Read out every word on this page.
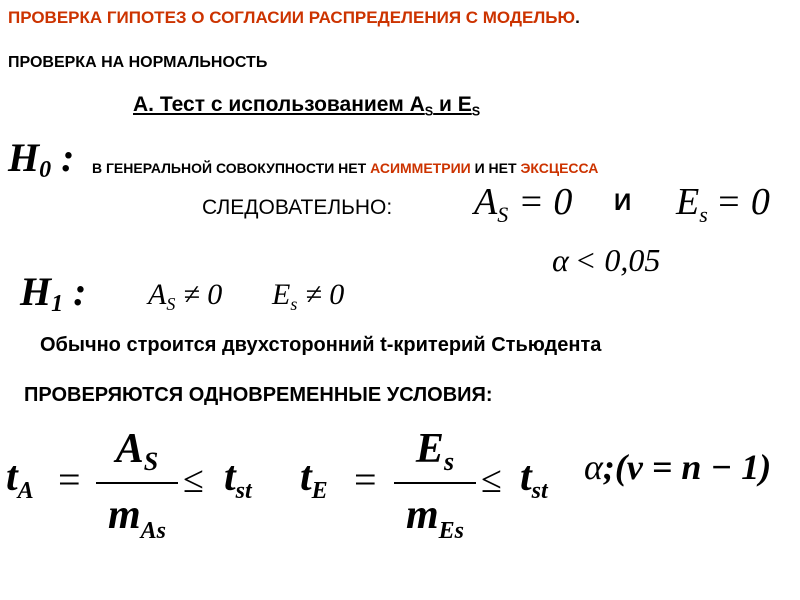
ПРОВЕРКА ГИПОТЕЗ О СОГЛАСИИ РАСПРЕДЕЛЕНИЯ С МОДЕЛЬЮ.
ПРОВЕРКА НА НОРМАЛЬНОСТЬ
А. Тест с использованием $A_S$ и $E_S$
H0 : В ГЕНЕРАЛЬНОЙ СОВОКУПНОСТИ НЕТ АСИММЕТРИИ И НЕТ ЭКСЦЕССА
СЛЕДОВАТЕЛЬНО: $A_S = 0$ И $E_s = 0$
α < 0,05
H1 : $A_S \ne 0$ $E_s \ne 0$
Обычно строится двухсторонний t-критерий Стьюдента
ПРОВЕРЯЮТСЯ ОДНОВРЕМЕННЫЕ УСЛОВИЯ:
tA =
AS
$m_{As}$
≤ tst tE =
Es
$m_{Es}$
≤ tst
α;(ν = n − 1)
